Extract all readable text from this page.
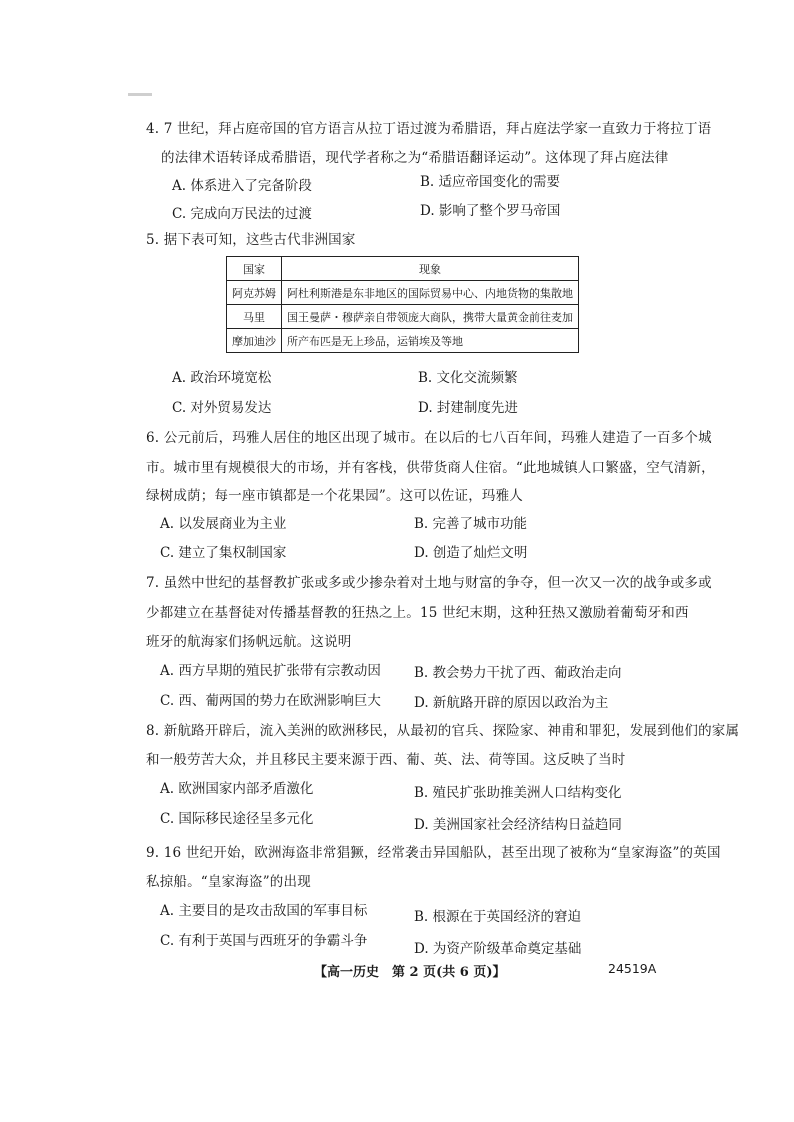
4. 7 世纪，拜占庭帝国的官方语言从拉丁语过渡为希腊语，拜占庭法学家一直致力于将拉丁语
的法律术语转译成希腊语，现代学者称之为“希腊语翻译运动”。这体现了拜占庭法律
A. 体系进入了完备阶段	B. 适应帝国变化的需要
C. 完成向万民法的过渡	D. 影响了整个罗马帝国
5. 据下表可知，这些古代非洲国家
国家	现象
阿克苏姆	阿杜利斯港是东非地区的国际贸易中心、内地货物的集散地
马里	国王曼萨・穆萨亲自带领庞大商队，携带大量黄金前往麦加
摩加迪沙	所产布匹是无上珍品，运销埃及等地
A. 政治环境宽松	B. 文化交流频繁
C. 对外贸易发达	D. 封建制度先进
6. 公元前后，玛雅人居住的地区出现了城市。在以后的七八百年间，玛雅人建造了一百多个城
市。城市里有规模很大的市场，并有客栈，供带货商人住宿。“此地城镇人口繁盛，空气清新，
绿树成荫；每一座市镇都是一个花果园”。这可以佐证，玛雅人
A. 以发展商业为主业	B. 完善了城市功能
C. 建立了集权制国家	D. 创造了灿烂文明
7. 虽然中世纪的基督教扩张或多或少掺杂着对土地与财富的争夺，但一次又一次的战争或多或
少都建立在基督徒对传播基督教的狂热之上。15 世纪末期，这种狂热又激励着葡萄牙和西
班牙的航海家们扬帆远航。这说明
A. 西方早期的殖民扩张带有宗教动因 B. 教会势力干扰了西、葡政治走向
C. 西、葡两国的势力在欧洲影响巨大 D. 新航路开辟的原因以政治为主
8. 新航路开辟后，流入美洲的欧洲移民，从最初的官兵、探险家、神甫和罪犯，发展到他们的家属
和一般劳苦大众，并且移民主要来源于西、葡、英、法、荷等国。这反映了当时
A. 欧洲国家内部矛盾激化	B. 殖民扩张助推美洲人口结构变化
C. 国际移民途径呈多元化	D. 美洲国家社会经济结构日益趋同
9. 16 世纪开始，欧洲海盗非常猖獗，经常袭击异国船队，甚至出现了被称为“皇家海盗”的英国
私掠船。“皇家海盗”的出现
A. 主要目的是攻击敌国的军事目标	B. 根源在于英国经济的窘迫
C. 有利于英国与西班牙的争霸斗争	D. 为资产阶级革命奠定基础
【高一历史　第 2 页(共 6 页)】	24519A
